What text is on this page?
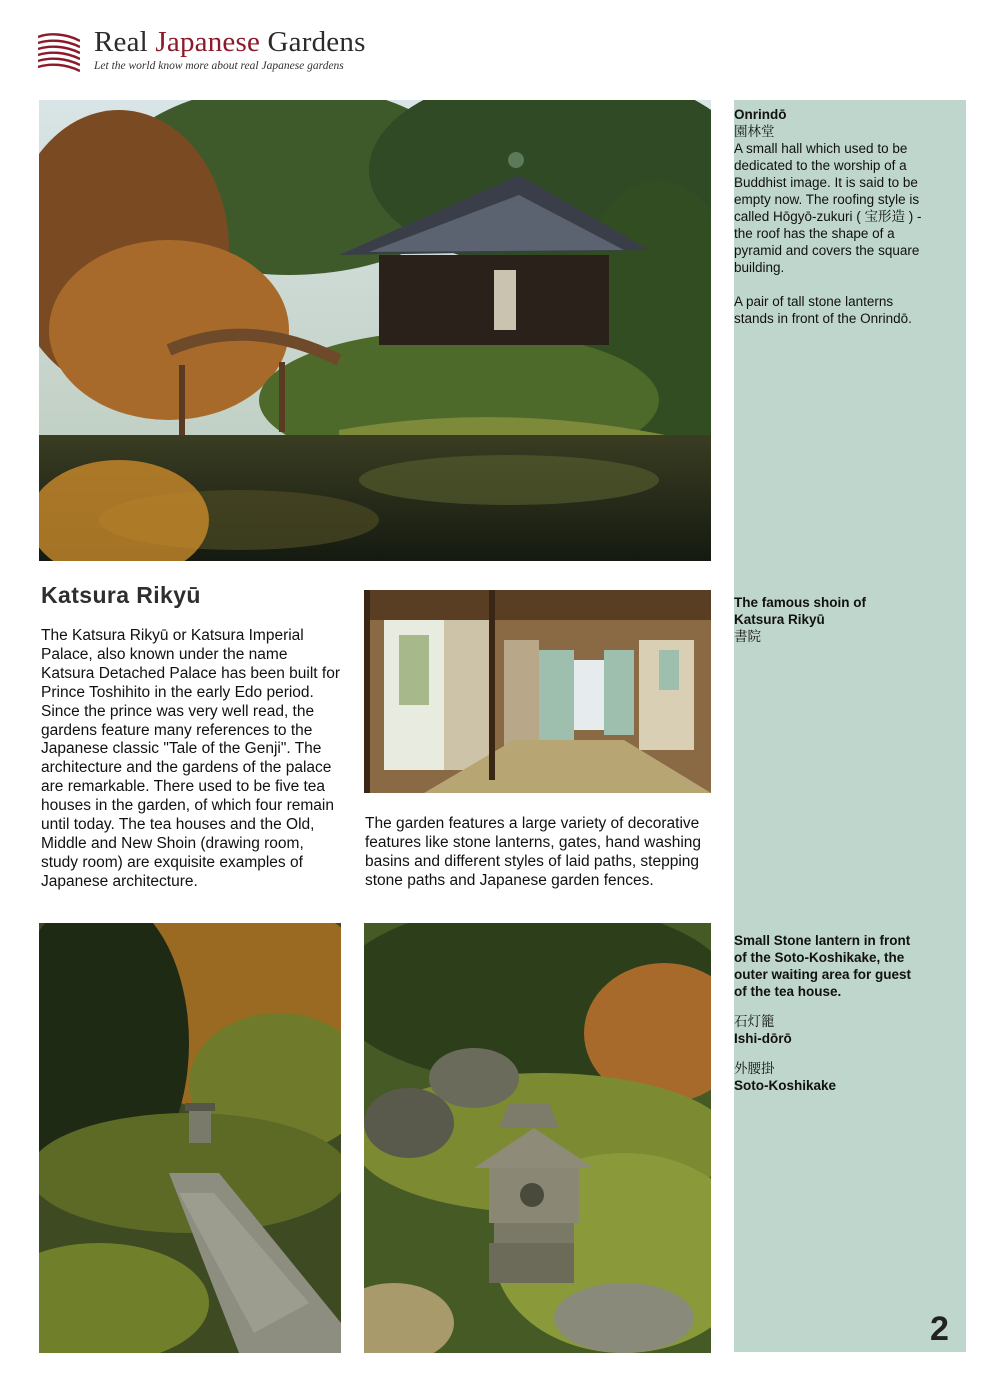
Real Japanese Gardens
Let the world know more about real Japanese gardens
Onrindō
園林堂
A small hall which used to be dedicated to the worship of a Buddhist image. It is said to be empty now. The roofing style is called Hōgyō-zukuri ( 宝形造 ) - the roof has the shape of a pyramid and covers the square building.
A pair of tall stone lanterns stands in front of the Onrindō.
The famous shoin of Katsura Rikyū
書院
Small Stone lantern in front of the Soto-Koshikake, the outer waiting area for guest of the tea house.
石灯籠
Ishi-dōrō
外腰掛
Soto-Koshikake
2
Katsura Rikyū
The Katsura Rikyū or Katsura Imperial Palace, also known under the name Katsura Detached Palace has been built for Prince Toshihito in the early Edo period. Since the prince was very well read, the gardens feature many references to the Japanese classic "Tale of the Genji". The architecture and the gardens of the palace are remarkable. There used to be five tea houses in the garden, of which four remain until today. The tea houses and the Old, Middle and New Shoin (drawing room, study room) are exquisite examples of Japanese architecture.
The garden features a large variety of decorative features like stone lanterns, gates, hand washing basins and different styles of laid paths, stepping stone paths and Japanese garden fences.
